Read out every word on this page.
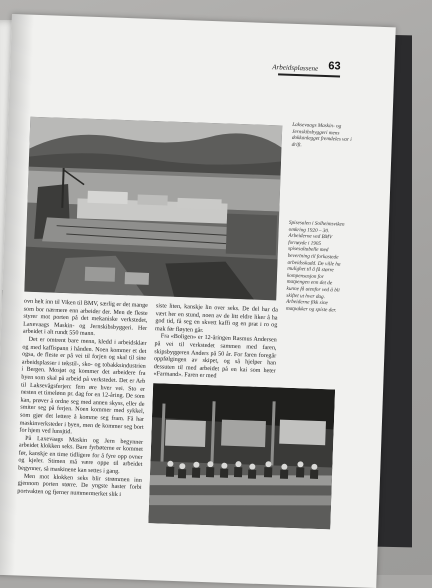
Arbeidsplassene 63
Laksevaags Maskin- og Jernskibsbyggeri mens dokkanlegget fremdeles var i drift.
Spisesalen i Solheimsviken omkring 1920 – 30. Arbeiderne ved BMV fornøyde i 1905 spisesaltabelle med bevertning til forkastede arbeidsskudd. De ville ha mulighet til å få større kompensasjon for matpengen enn det de kunne få utenfor ved å bli skiftet ut hver dag. Arbeiderne fikk sine matpakker og spiste der.

ovn helt inn til Viken til BMV, særlig er det mange som bor nærmere enn arbeider der. Men de fleste styrer mot porten på det mekaniske verkstedet, Laxevaags Maskin- og Jernskibsbyggeri. Her arbeidet i alt rundt 550 mann.

Det er omtrent bare menn, kledd i arbeidsklær og med kaffispann i hånden. Noen kommer et det ogsa, de fleste er på vei til forjen og skal til sine arbeidsplasser i tekstil-, sko- og tobakksindustrien i Bergen. Mosjøt og kommer det arbeidere fra byen som skal på arbeid på verkstedet. Det er Arb til Laksevågsferjen: fem øre hver vei. Sto er nesten et timelønn pr. dag for en 12-åring. De som kan, prøver å ordne seg med annen skyss, eller de smiter seg på ferjen. Noen kommer med sykkel, som gjør det lettere å komme seg fram. Få har maskinverksteder i byen, men de kommer seg bort for hjem ved lunsjtid.

På Laxevaags Maskin og Jern begynner arbeidet klokken seks. Bare fyrbøterne er kommet før, kanskje en time tidligere for å fyre opp ovner og kjeler. Stimen må være oppe til arbeidet begynner, så maskinene kan settes i gang.

Men mot klokken seks blir strømmen inn gjennom porten større. De yngste haster forbi portvakten og fjerner nummermerket slik i

siste liten, kanskje lin over seks. De del har da vært her en stund, noen av de litt eldre liker å ha god tid, få seg en skvett kaffi og en prat i ro og mak før fløyten går.

Fra «Boligen» er 12-åringen Rasmus Andersen på vei til verkstedet sammen med faren, skipsbyggeren Anders på 50 år. For faren foregår oppfølgingen av skipet, og så hjelper han dessuten til med arbeidet på en kai som heter «Farmand». Faren er med
